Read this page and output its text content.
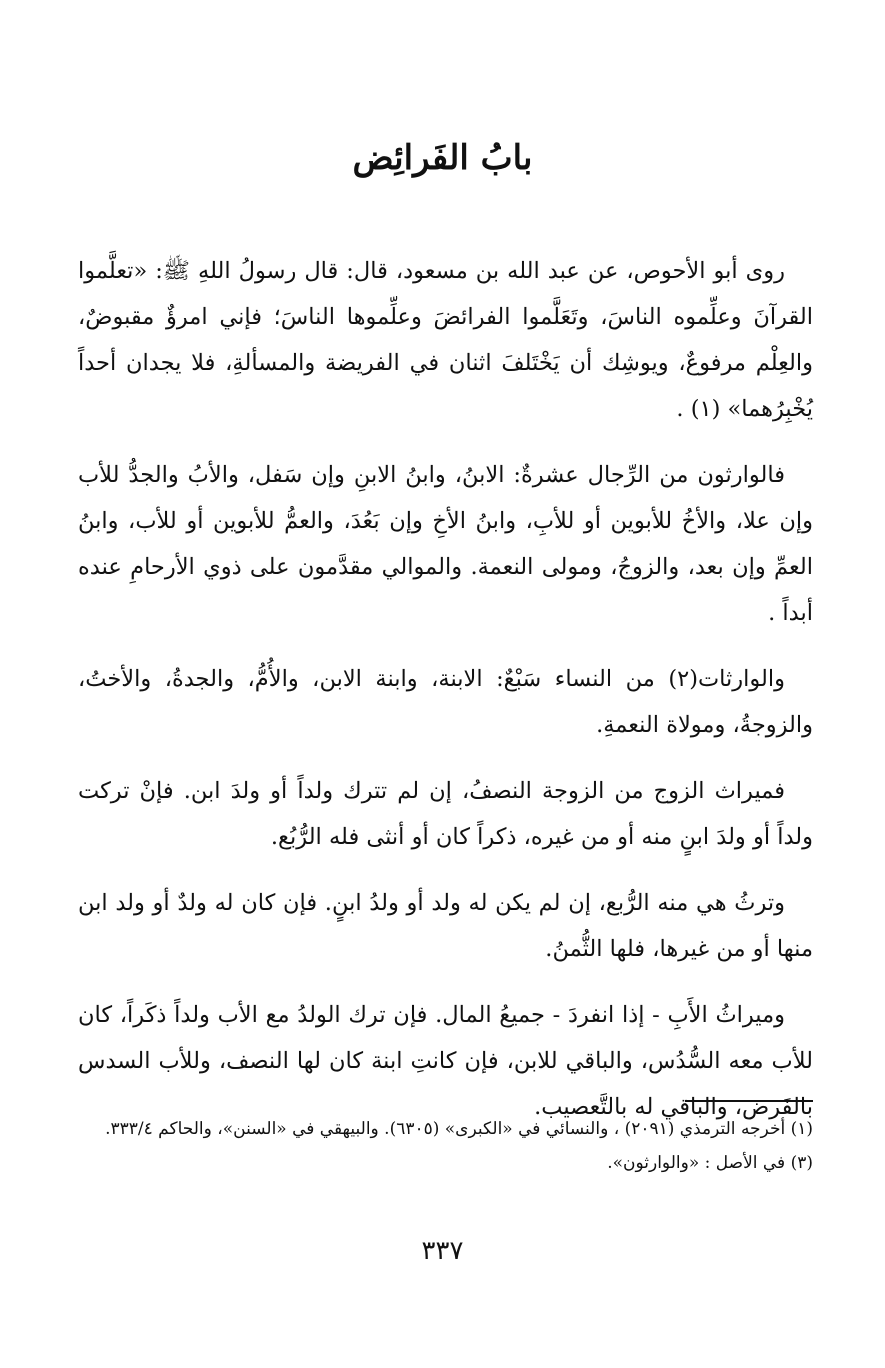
بابُ الفَرائِض

روى أبو الأحوص، عن عبد الله بن مسعود، قال: قال رسولُ اللهِ ﷺ: «تعلَّموا القرآنَ وعلِّموه الناسَ، وتَعَلَّموا الفرائضَ وعلِّموها الناسَ؛ فإني امرؤٌ مقبوضٌ، والعِلْم مرفوعٌ، ويوشِك أن يَخْتَلفَ اثنان في الفريضة والمسألةِ، فلا يجدان أحداً يُخْبِرُهما» (١) .

فالوارثون من الرِّجال عشرةٌ: الابنُ، وابنُ الابنِ وإن سَفل، والأبُ والجدُّ للأب وإن علا، والأخُ للأبوين أو للأبِ، وابنُ الأخِ وإن بَعُدَ، والعمُّ للأبوين أو للأب، وابنُ العمِّ وإن بعد، والزوجُ، ومولى النعمة. والموالي مقدَّمون على ذوي الأرحامِ عنده أبداً .

والوارثات(٢) من النساء سَبْعٌ: الابنة، وابنة الابن، والأُمُّ، والجدةُ، والأختُ، والزوجةُ، ومولاة النعمةِ.

فميراث الزوج من الزوجة النصفُ، إن لم تترك ولداً أو ولدَ ابن. فإنْ تركت ولداً أو ولدَ ابنٍ منه أو من غيره، ذكراً كان أو أنثى فله الرُّبُع.

وترثُ هي منه الرُّبع، إن لم يكن له ولد أو ولدُ ابنٍ. فإن كان له ولدٌ أو ولد ابن منها أو من غيرها، فلها الثُّمنُ.

وميراثُ الأَبِ - إذا انفردَ - جميعُ المال. فإن ترك الولدُ مع الأب ولداً ذكَراً، كان للأب معه السُّدُس، والباقي للابن، فإن كانتِ ابنة كان لها النصف، وللأب السدس بالفَرض، والباقي له بالتَّعصيب.

(١) أخرجه الترمذي (٢٠٩١) ، والنسائي في «الكبرى» (٦٣٠٥). والبيهقي في «السنن»، والحاكم ٣٣٣/٤.

(٣) في الأصل : «والوارثون».

٣٣٧
